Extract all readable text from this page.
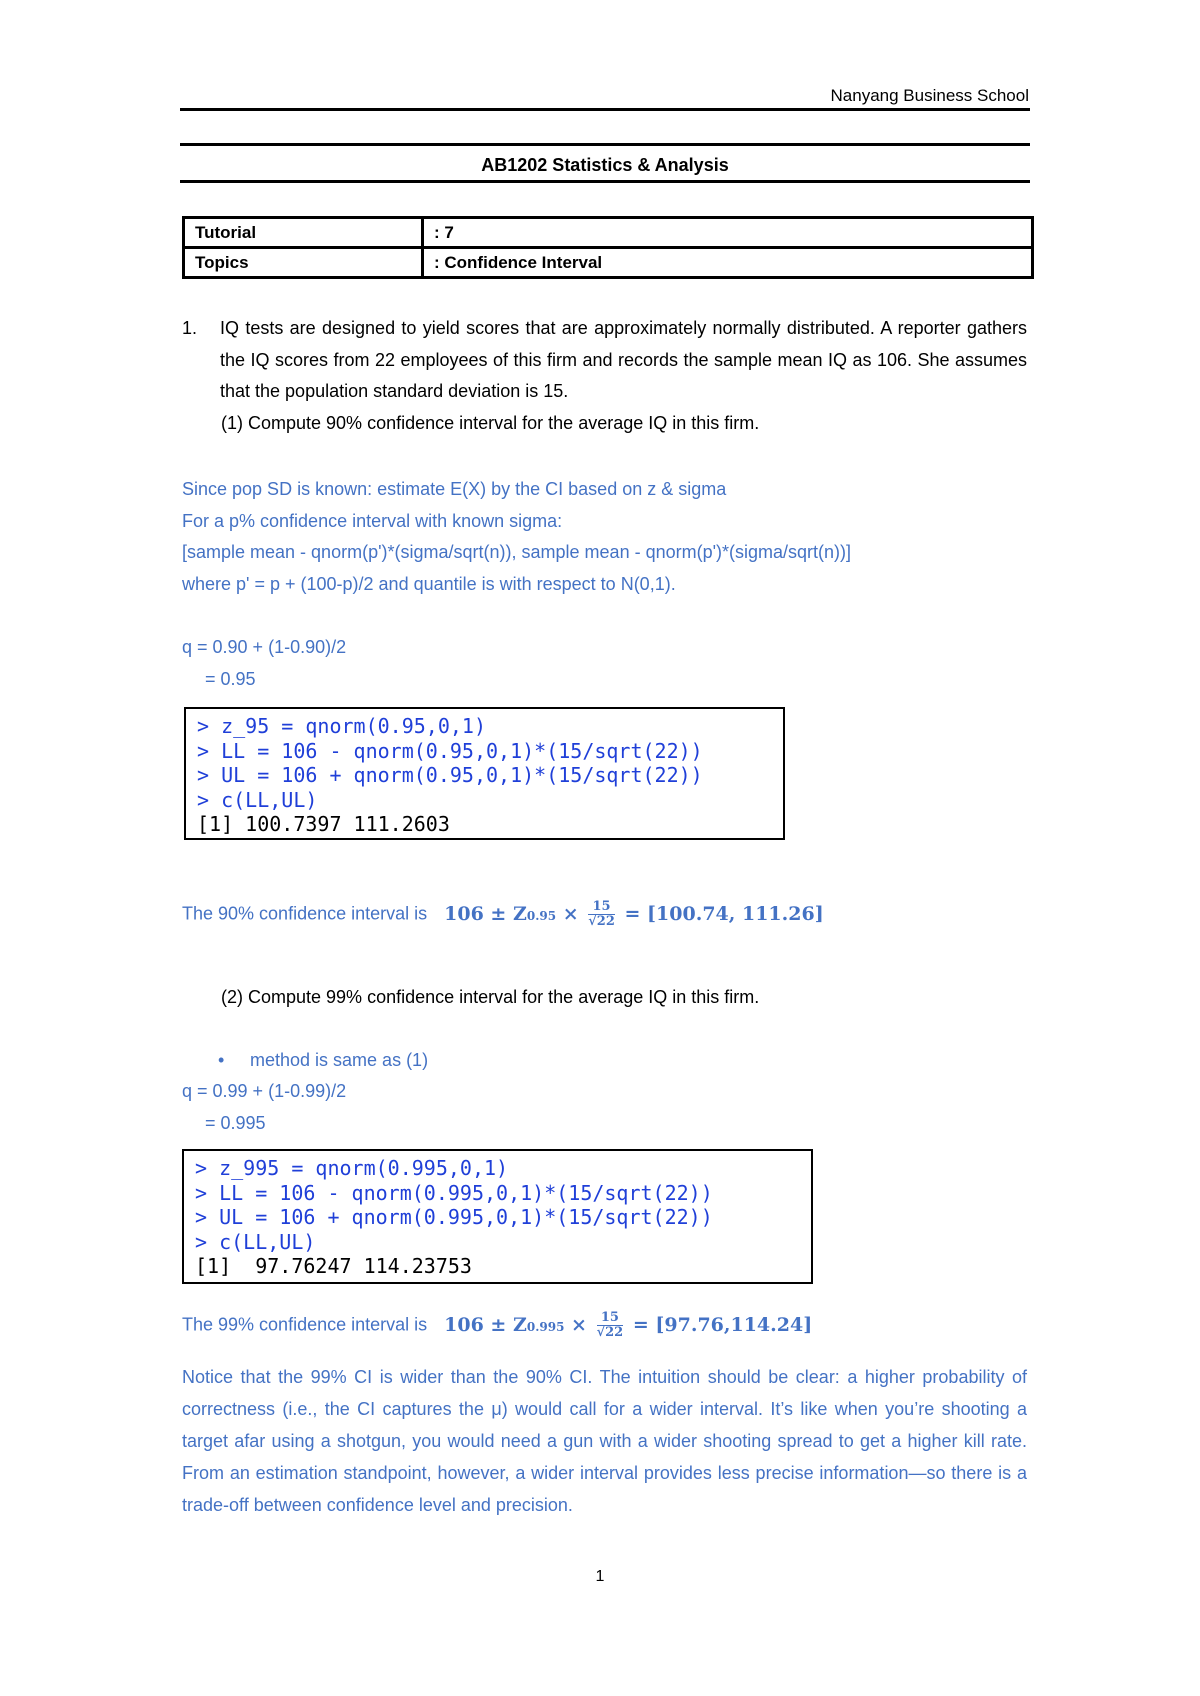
Nanyang Business School
AB1202 Statistics & Analysis
Tutorial	: 7
Topics	: Confidence Interval
1.	IQ tests are designed to yield scores that are approximately normally distributed. A reporter gathers the IQ scores from 22 employees of this firm and records the sample mean IQ as 106. She assumes that the population standard deviation is 15.
(1) Compute 90% confidence interval for the average IQ in this firm.
Since pop SD is known: estimate E(X) by the CI based on z & sigma
For a p% confidence interval with known sigma:
[sample mean - qnorm(p')*(sigma/sqrt(n)), sample mean - qnorm(p')*(sigma/sqrt(n))]
where p' = p + (100-p)/2 and quantile is with respect to N(0,1).
q = 0.90 + (1-0.90)/2
= 0.95
> z_95 = qnorm(0.95,0,1)
> LL = 106 - qnorm(0.95,0,1)*(15/sqrt(22))
> UL = 106 + qnorm(0.95,0,1)*(15/sqrt(22))
> c(LL,UL)
[1] 100.7397 111.2603
The 90% confidence interval is $106 \pm Z0.95 \times \frac{15}{√22} = [100.74$, 111.26]
(2) Compute 99% confidence interval for the average IQ in this firm.
• method is same as (1)
q = 0.99 + (1-0.99)/2
= 0.995
> z_995 = qnorm(0.995,0,1)
> LL = 106 - qnorm(0.995,0,1)*(15/sqrt(22))
> UL = 106 + qnorm(0.995,0,1)*(15/sqrt(22))
> c(LL,UL)
[1]  97.76247 114.23753
The 99% confidence interval is $106 \pm Z0.995 \times \frac{15}{√22} = [97.76,114.24]$
Notice that the 99% CI is wider than the 90% CI. The intuition should be clear: a higher probability of correctness (i.e., the CI captures the μ) would call for a wider interval. It’s like when you’re shooting a target afar using a shotgun, you would need a gun with a wider shooting spread to get a higher kill rate. From an estimation standpoint, however, a wider interval provides less precise information—so there is a trade-off between confidence level and precision.
1
